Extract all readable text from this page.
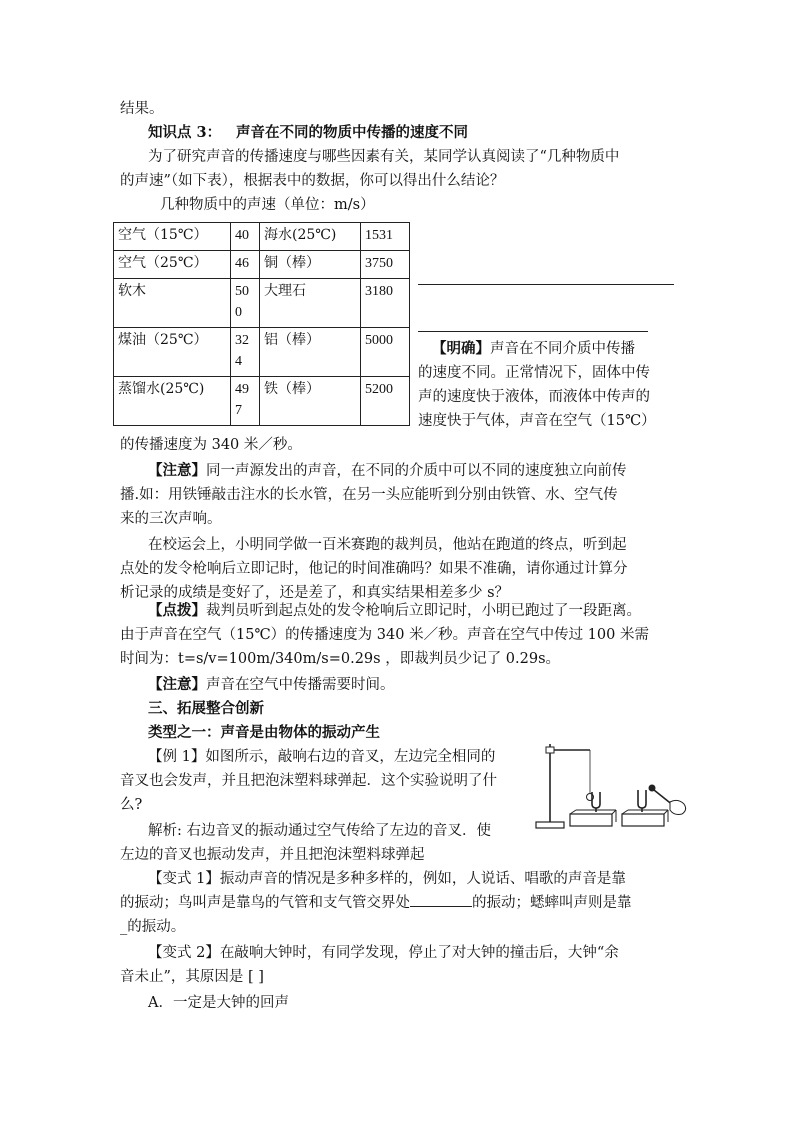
结果。
知识点 3： 声音在不同的物质中传播的速度不同
为了研究声音的传播速度与哪些因素有关，某同学认真阅读了“几种物质中
的声速”（如下表），根据表中的数据，你可以得出什么结论？
几种物质中的声速（单位：m/s）
空气（15℃）	40	海水(25℃)	1531
空气（25℃）	46	铜（棒）	3750
软木	500	大理石	3180
煤油（25℃）	324	铝（棒）	5000
蒸馏水(25℃)	497	铁（棒）	5200
【明确】声音在不同介质中传播
的速度不同。正常情况下，固体中传
声的速度快于液体，而液体中传声的
速度快于气体，声音在空气（15℃）
的传播速度为 340 米／秒。
【注意】同一声源发出的声音，在不同的介质中可以不同的速度独立向前传
播.如：用铁锤敲击注水的长水管，在另一头应能听到分别由铁管、水、空气传
来的三次声响。
在校运会上，小明同学做一百米赛跑的裁判员，他站在跑道的终点，听到起
点处的发令枪响后立即记时，他记的时间准确吗？如果不准确，请你通过计算分
析记录的成绩是变好了，还是差了，和真实结果相差多少 s？
【点拨】裁判员听到起点处的发令枪响后立即记时，小明已跑过了一段距离。
由于声音在空气（15℃）的传播速度为 340 米／秒。声音在空气中传过 100 米需
时间为：t=s/v=100m/340m/s=0.29s ，即裁判员少记了 0.29s。
【注意】声音在空气中传播需要时间。
三、拓展整合创新
类型之一：声音是由物体的振动产生
【例 1】如图所示，敲响右边的音叉，左边完全相同的
音叉也会发声，并且把泡沫塑料球弹起．这个实验说明了什
么?
解析: 右边音叉的振动通过空气传给了左边的音叉．使
左边的音叉也振动发声，并且把泡沫塑料球弹起
【变式 1】振动声音的情况是多种多样的，例如，人说话、唱歌的声音是靠
的振动；鸟叫声是靠鸟的气管和支气管交界处	的振动；蟋蟀叫声则是靠
_的振动。
【变式 2】在敲响大钟时，有同学发现，停止了对大钟的撞击后，大钟“余
音未止”，其原因是 [ ]
A．一定是大钟的回声
